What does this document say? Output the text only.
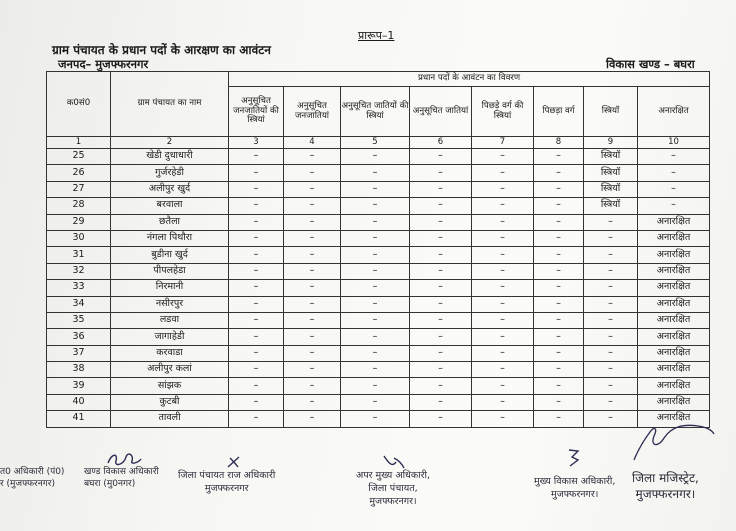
प्रारूप–1
ग्राम पंचायत के प्रधान पदों के आरक्षण का आवंटन
जनपद– मुजफ्फरनगर	विकास खण्ड – बघरा
क0सं0	ग्राम पंचायत का नाम	प्रधान पदों के आवंटन का विवरण							
		अनुसूचित जनजातियों की स्त्रियां	अनुसूचित जनजातियां	अनुसूचित जातियों की स्त्रियां	अनुसूचित जातियां	पिछड़े वर्ग की स्त्रियां	पिछड़ा वर्ग	स्त्रियॉ	अनारक्षित
1	2	3	4	5	6	7	8	9	10
25	खेडी दुधाधारी	–	–	–	–	–	–	स्त्रियॉ	–
26	गुर्जरहेडी	–	–	–	–	–	–	स्त्रियॉ	–
27	अलीपुर खुर्द	–	–	–	–	–	–	स्त्रियॉ	–
28	बरवाला	–	–	–	–	–	–	स्त्रियॉ	–
29	छतैला	–	–	–	–	–	–	–	अनारक्षित
30	नंगला पिथौरा	–	–	–	–	–	–	–	अनारक्षित
31	बुडीना खुर्द	–	–	–	–	–	–	–	अनारक्षित
32	पीपलहेडा	–	–	–	–	–	–	–	अनारक्षित
33	निरमानी	–	–	–	–	–	–	–	अनारक्षित
34	नसीरपुर	–	–	–	–	–	–	–	अनारक्षित
35	लडवा	–	–	–	–	–	–	–	अनारक्षित
36	जागाहेडी	–	–	–	–	–	–	–	अनारक्षित
37	करवाडा	–	–	–	–	–	–	–	अनारक्षित
38	अलीपुर कलां	–	–	–	–	–	–	–	अनारक्षित
39	सांझक	–	–	–	–	–	–	–	अनारक्षित
40	कुटबी	–	–	–	–	–	–	–	अनारक्षित
41	तावली	–	–	–	–	–	–	–	अनारक्षित
त0 अधिकारी (पं0)
र (मुजफ्फरनगर)
खण्ड विकास अधिकारी
बघरा (मु0नगर)
जिला पंचायत राज अधिकारी
मुजफ्फरनगर
अपर मुख्य अधिकारी,
जिला पंचायत,
मुजफ्फरनगर।
मुख्य विकास अधिकारी,
मुजफ्फरनगर।
जिला मजिस्ट्रेट,
मुजफ्फरनगर।
